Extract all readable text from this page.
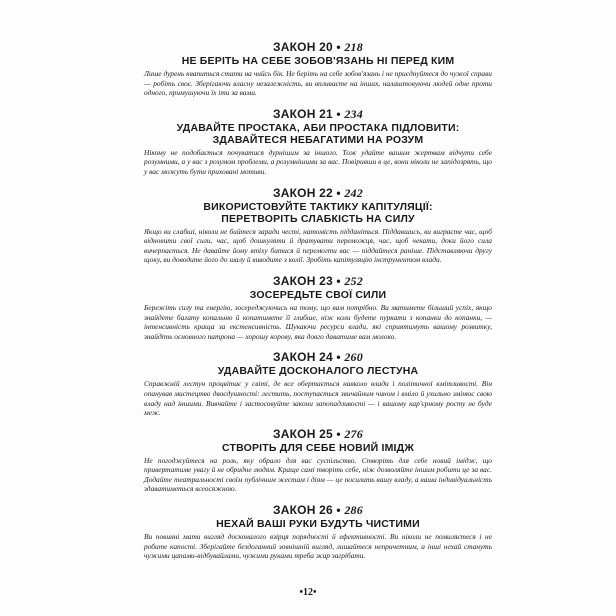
ЗАКОН 20 • 218

НЕ БЕРІТЬ НА СЕБЕ ЗОБОВ'ЯЗАНЬ НІ ПЕРЕД КИМ

Лише дурень квапиться стати на чийсь бік. Не берiть на себе зобов'язань i не приєднуйтеся до чужої справи — робіть своє. Зберігаючи власну незалежність, ви впливаєте на інших, налаштовуючи людей одне проти одного, примушуючи їх iти за вами.

ЗАКОН 21 • 234

УДАВАЙТЕ ПРОСТАКА, АБИ ПРОСТАКА ПІДЛОВИТИ:
ЗДАВАЙТЕСЯ НЕБАГАТИМИ НА РОЗУМ

Нікому не подобається почуватися дурнішим за іншого. Тож удайте вашим жертвам відчути себе розумними, а у вас з розумом проблеми, а розумнішими за вас. Повіривши в це, вони ніколи не запідозрять, що у вас можуть бути приховані мотиви.

ЗАКОН 22 • 242

ВИКОРИСТОВУЙТЕ ТАКТИКУ КАПІТУЛЯЦІЇ:
ПЕРЕТВОРІТЬ СЛАБКІСТЬ НА СИЛУ

Якщо ви слабші, ніколи не бийтеся заради честі, натомість підданіться. Піддавшись, ви виграєте час, щоб відновити свої сили, час, щоб дошкуляти й дратувати переможця, час, щоб чекати, доки його сила вичерпається. Не давайте йому втіху битися й перемогти вас — піддайтеся раніше. Підставляючи другу щоку, ви доводите його до шалу й виводите з колії. Зробіть капітуляцію інструментом влади.

ЗАКОН 23 • 252

ЗОСЕРЕДЬТЕ СВОЇ СИЛИ

Бережіть силу та енергію, зосереджуючись на тому, що вам потрібно. Ви матимете більший успіх, якщо знайдете багату копальню й копатимете її глибше, ніж коли будете пуркати з копанки до копанки, — інтенсивність краща за екстенсивність. Шукаючи ресурси влади, які сприятимуть вашому розвитку, знайдіть основного патрона — хорошу корову, яка довго даватиме вам молоко.

ЗАКОН 24 • 260

УДАВАЙТЕ ДОСКОНАЛОГО ЛЕСТУНА

Справжній лестун процвітає у світі, де все обертається навколо влади і політичної кмітливості. Він опанував мистецтво двоєдушності: лестить, поступається звичайним чином i вміло й ухильно змінює свою владу над іншими. Вивчайте і застосовуйте закони запопадливості — і вашому кар'єрному росту не буде меж.

ЗАКОН 25 • 276

СТВОРІТЬ ДЛЯ СЕБЕ НОВИЙ ІМІДЖ

Не погоджуйтеся на роль, яку обрало для вас суспільство. Створіть для себе новий імідж, що привертатиме увагу й не обридне людям. Краще самі творіть себе, ніж дозволяйте іншим робити це за вас. Додайте театральності своїм публічним жестам і діям — це посилить вашу владу, а ваша індивідуальність здаватиметься всеосяжною.

ЗАКОН 26 • 286

НЕХАЙ ВАШІ РУКИ БУДУТЬ ЧИСТИМИ

Ви повинні мати вигляд досконалого взірця порядності й ефективності. Ви ніколи не помиляєтеся і не робите капості. Зберігайте бездоганний зовнішній вигляд, лишайтеся непричетним, а інші нехай стануть чужими цапами-відбувайлами, чужими руками треба жар загрібати.

•12•
